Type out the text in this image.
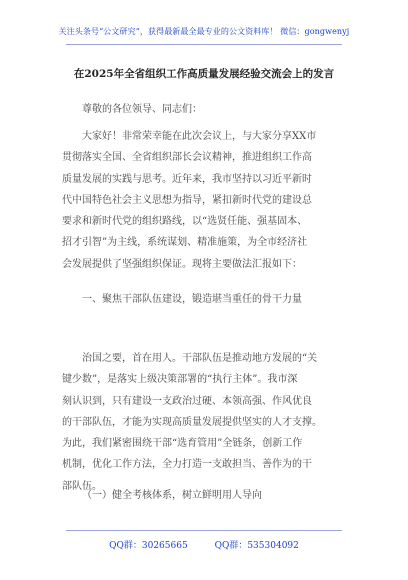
关注头条号“公文研究”，获得最新最全最专业的公文资料库！ 微信：gongwenyj
在2025年全省组织工作高质量发展经验交流会上的发言
尊敬的各位领导、同志们：
大家好！非常荣幸能在此次会议上，与大家分享XX市
贯彻落实全国、全省组织部长会议精神，推进组织工作高
质量发展的实践与思考。近年来，我市坚持以习近平新时
代中国特色社会主义思想为指导，紧扣新时代党的建设总
要求和新时代党的组织路线，以“选贤任能、强基固本、
招才引智”为主线，系统谋划、精准施策，为全市经济社
会发展提供了坚强组织保证。现将主要做法汇报如下：
一、聚焦干部队伍建设，锻造堪当重任的骨干力量
治国之要，首在用人。干部队伍是推动地方发展的“关
键少数”，是落实上级决策部署的“执行主体”。我市深
刻认识到，只有建设一支政治过硬、本领高强、作风优良
的干部队伍，才能为实现高质量发展提供坚实的人才支撑。
为此，我们紧密围绕干部“选育管用”全链条，创新工作
机制，优化工作方法，全力打造一支敢担当、善作为的干
部队伍。
（一）健全考核体系，树立鲜明用人导向
QQ群：30265665	QQ群：535304092
